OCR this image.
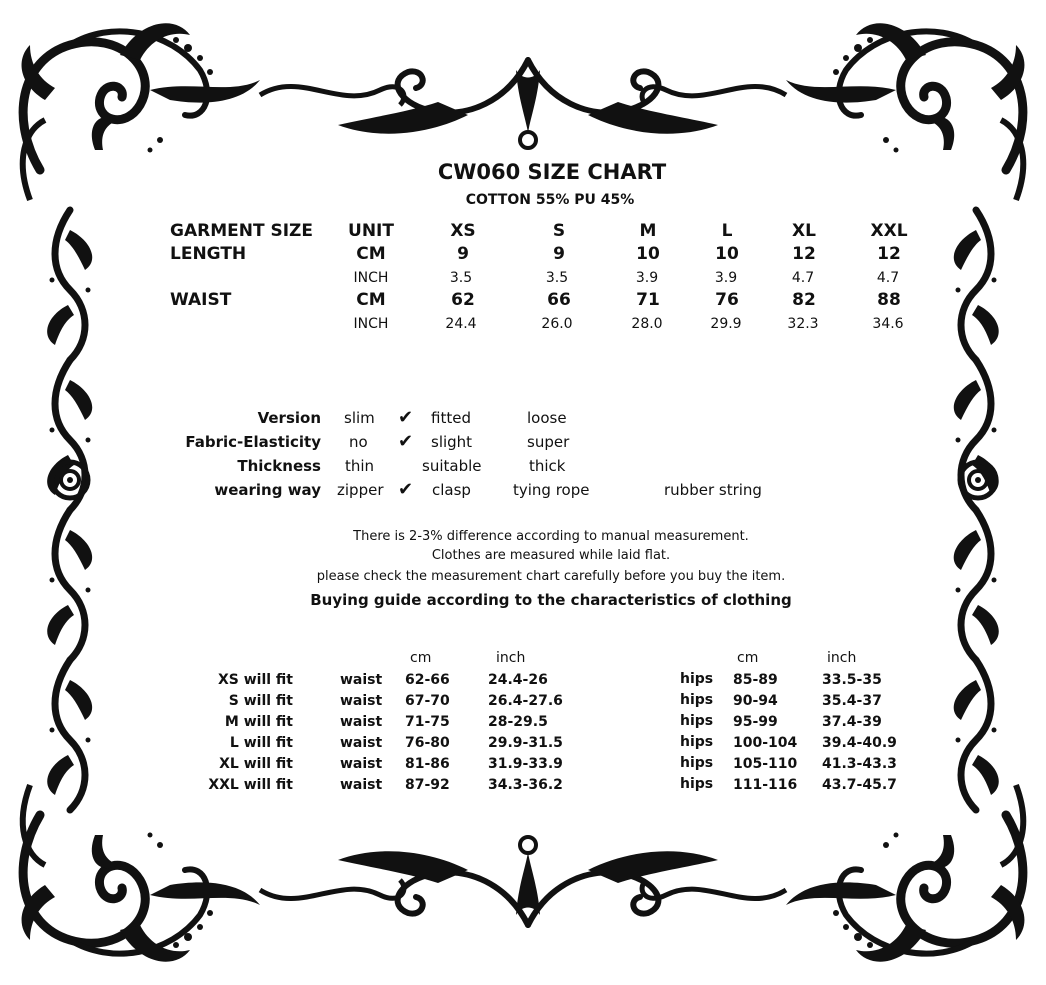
CW060 SIZE CHART
COTTON 55% PU 45%
GARMENT SIZE UNIT	XS	S	M	L	XL	XXL
LENGTH	CM	9	9	10	10	12	12
INCH	3.5	3.5	3.9	3.9	4.7	4.7
WAIST	CM	62	66	71	76	82	88
INCH	24.4	26.0	28.0	29.9	32.3	34.6
Version slim ✔ fitted	loose
Fabric-Elasticity no ✔ slight	super
Thickness thin	suitable	thick
wearing way zipper ✔ clasp	tying rope	rubber string
There is 2-3% difference according to manual measurement.
Clothes are measured while laid flat.
please check the measurement chart carefully before you buy the item.
Buying guide according to the characteristics of clothing
cm	inch	cm	inch
XS will fit	waist 62-66	24.4-26	hips 85-89	33.5-35
S will fit	waist 67-70	26.4-27.6	hips 90-94	35.4-37
M will fit	waist 71-75	28-29.5	hips 95-99	37.4-39
L will fit	waist 76-80	29.9-31.5	hips 100-104 39.4-40.9
XL will fit	waist 81-86	31.9-33.9	hips 105-110 41.3-43.3
XXL will fit	waist 87-92	34.3-36.2	hips 111-116 43.7-45.7
